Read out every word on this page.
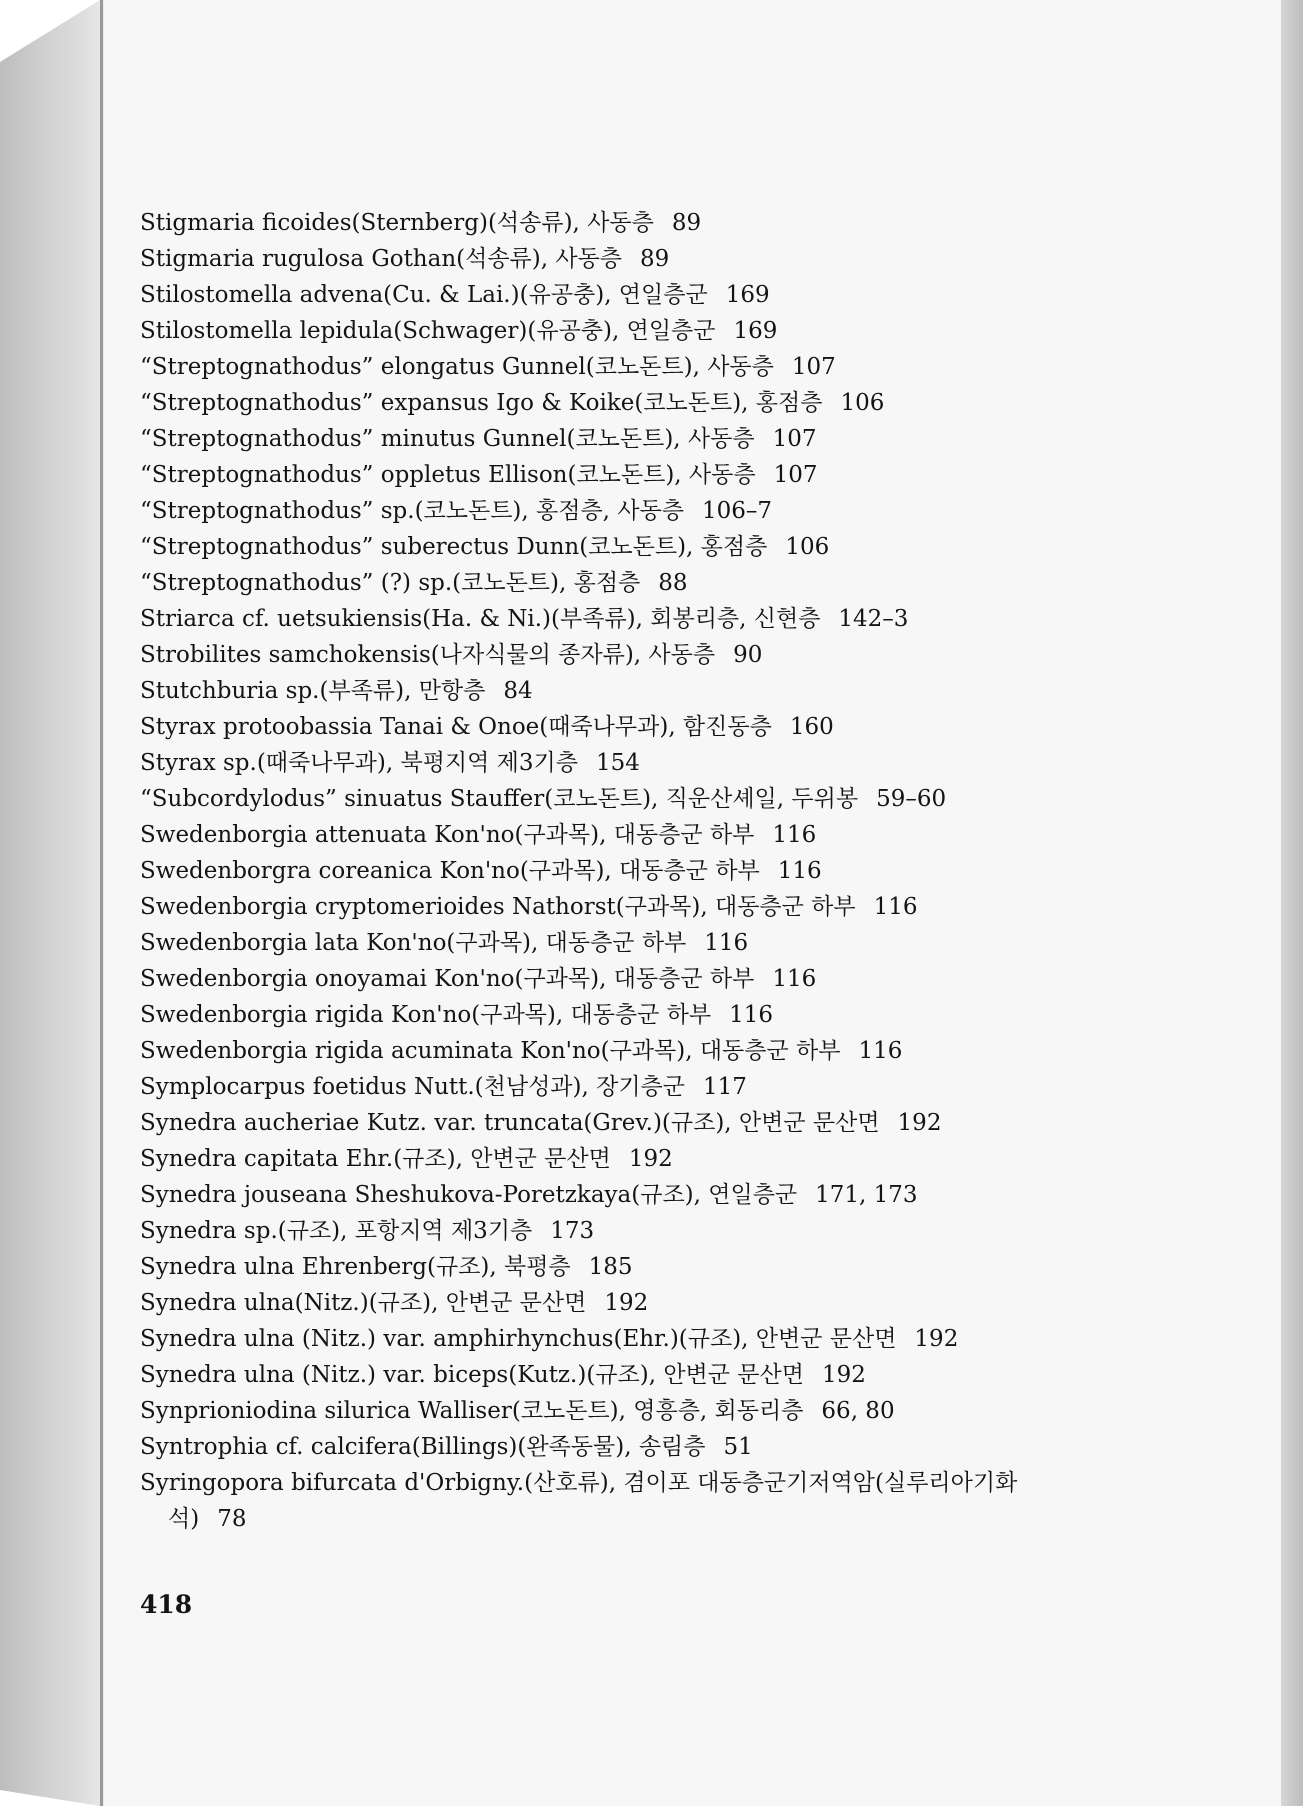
Stigmaria ficoides(Sternberg)(석송류), 사동층 89
Stigmaria rugulosa Gothan(석송류), 사동층 89
Stilostomella advena(Cu. & Lai.)(유공충), 연일층군 169
Stilostomella lepidula(Schwager)(유공충), 연일층군 169
“Streptognathodus” elongatus Gunnel(코노돈트), 사동층 107
“Streptognathodus” expansus Igo & Koike(코노돈트), 홍점층 106
“Streptognathodus” minutus Gunnel(코노돈트), 사동층 107
“Streptognathodus” oppletus Ellison(코노돈트), 사동층 107
“Streptognathodus” sp.(코노돈트), 홍점층, 사동층 106–7
“Streptognathodus” suberectus Dunn(코노돈트), 홍점층 106
“Streptognathodus” (?) sp.(코노돈트), 홍점층 88
Striarca cf. uetsukiensis(Ha. & Ni.)(부족류), 회봉리층, 신현층 142–3
Strobilites samchokensis(나자식물의 종자류), 사동층 90
Stutchburia sp.(부족류), 만항층 84
Styrax protoobassia Tanai & Onoe(때죽나무과), 함진동층 160
Styrax sp.(때죽나무과), 북평지역 제3기층 154
“Subcordylodus” sinuatus Stauffer(코노돈트), 직운산셰일, 두위봉 59–60
Swedenborgia attenuata Kon'no(구과목), 대동층군 하부 116
Swedenborgra coreanica Kon'no(구과목), 대동층군 하부 116
Swedenborgia cryptomerioides Nathorst(구과목), 대동층군 하부 116
Swedenborgia lata Kon'no(구과목), 대동층군 하부 116
Swedenborgia onoyamai Kon'no(구과목), 대동층군 하부 116
Swedenborgia rigida Kon'no(구과목), 대동층군 하부 116
Swedenborgia rigida acuminata Kon'no(구과목), 대동층군 하부 116
Symplocarpus foetidus Nutt.(천남성과), 장기층군 117
Synedra aucheriae Kutz. var. truncata(Grev.)(규조), 안변군 문산면 192
Synedra capitata Ehr.(규조), 안변군 문산면 192
Synedra jouseana Sheshukova-Poretzkaya(규조), 연일층군 171, 173
Synedra sp.(규조), 포항지역 제3기층 173
Synedra ulna Ehrenberg(규조), 북평층 185
Synedra ulna(Nitz.)(규조), 안변군 문산면 192
Synedra ulna (Nitz.) var. amphirhynchus(Ehr.)(규조), 안변군 문산면 192
Synedra ulna (Nitz.) var. biceps(Kutz.)(규조), 안변군 문산면 192
Synprioniodina silurica Walliser(코노돈트), 영흥층, 회동리층 66, 80
Syntrophia cf. calcifera(Billings)(완족동물), 송림층 51
Syringopora bifurcata d'Orbigny.(산호류), 겸이포 대동층군기저역암(실루리아기화
석) 78
418
